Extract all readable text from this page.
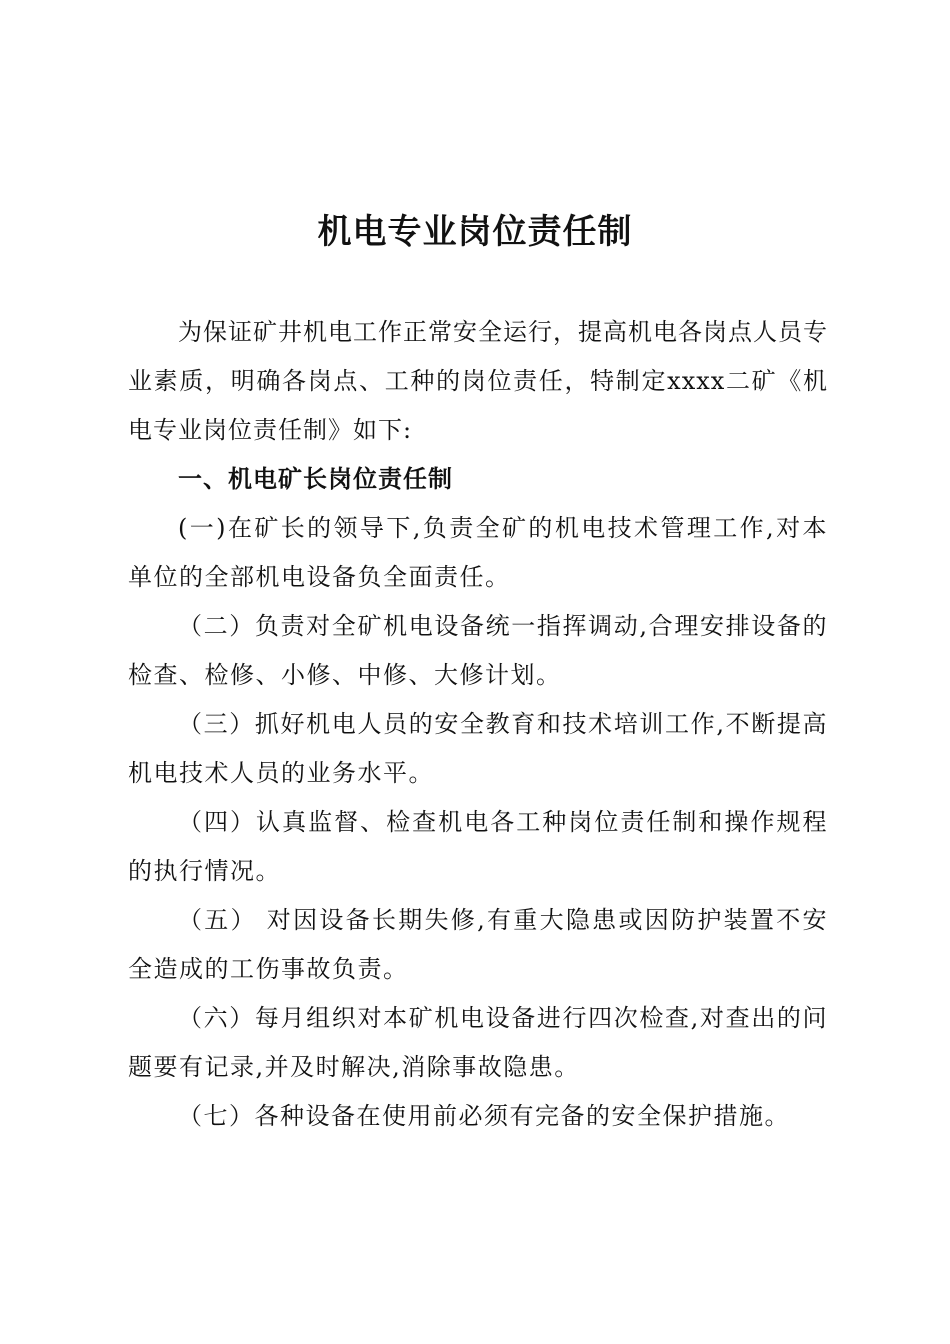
机电专业岗位责任制

为保证矿井机电工作正常安全运行，提高机电各岗点人员专业素质，明确各岗点、工种的岗位责任，特制定xxxx二矿《机电专业岗位责任制》如下:

一、机电矿长岗位责任制

(一)在矿长的领导下,负责全矿的机电技术管理工作,对本单位的全部机电设备负全面责任。

（二）负责对全矿机电设备统一指挥调动,合理安排设备的检查、检修、小修、中修、大修计划。

（三）抓好机电人员的安全教育和技术培训工作,不断提高机电技术人员的业务水平。

（四）认真监督、检查机电各工种岗位责任制和操作规程的执行情况。

（五） 对因设备长期失修,有重大隐患或因防护装置不安全造成的工伤事故负责。

（六）每月组织对本矿机电设备进行四次检查,对查出的问题要有记录,并及时解决,消除事故隐患。

（七）各种设备在使用前必须有完备的安全保护措施。
